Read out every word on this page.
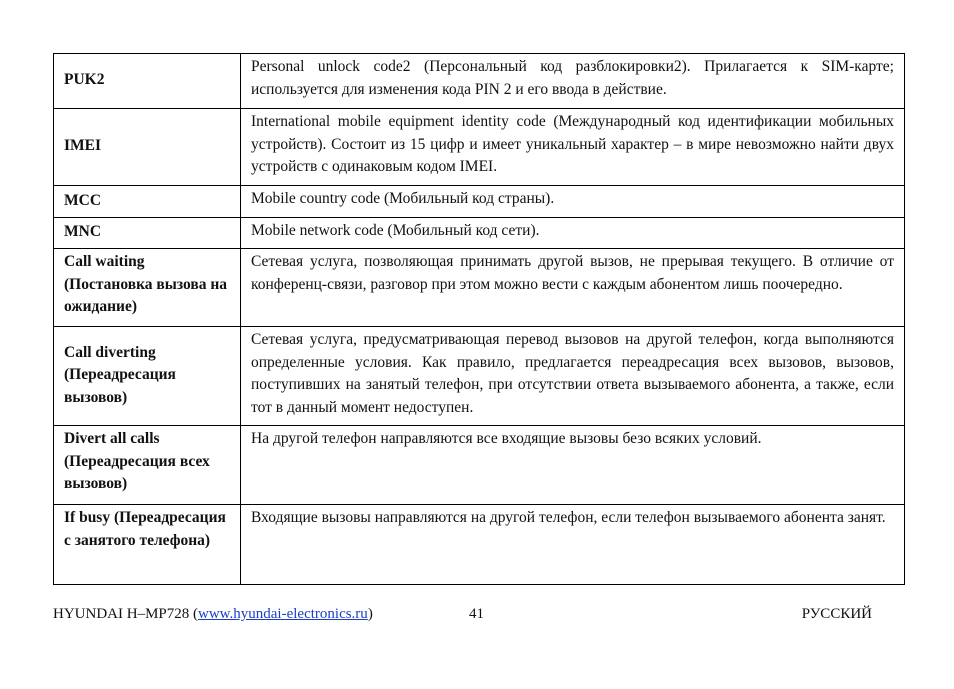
PUK2	Personal unlock code2 (Персональный код разблокировки2). Прилагается к SIM-карте; используется для изменения кода PIN 2 и его ввода в действие.
IMEI	International mobile equipment identity code (Международный код идентификации мобильных устройств). Состоит из 15 цифр и имеет уникальный характер – в мире невозможно найти двух устройств с одинаковым кодом IMEI.
MCC	Mobile country code (Мобильный код страны).
MNC	Mobile network code (Мобильный код сети).
Call waiting (Постановка вызова на ожидание)	Сетевая услуга, позволяющая принимать другой вызов, не прерывая текущего. В отличие от конференц-связи, разговор при этом можно вести с каждым абонентом лишь поочередно.
Call diverting (Переадресация вызовов)	Сетевая услуга, предусматривающая перевод вызовов на другой телефон, когда выполняются определенные условия. Как правило, предлагается переадресация всех вызовов, вызовов, поступивших на занятый телефон, при отсутствии ответа вызываемого абонента, а также, если тот в данный момент недоступен.
Divert all calls (Переадресация всех вызовов)	На другой телефон направляются все входящие вызовы безо всяких условий.
If busy (Переадресация с занятого телефона)	Входящие вызовы направляются на другой телефон, если телефон вызываемого абонента занят.
HYUNDAI H–MP728 (www.hyundai-electronics.ru)	41	РУССКИЙ
